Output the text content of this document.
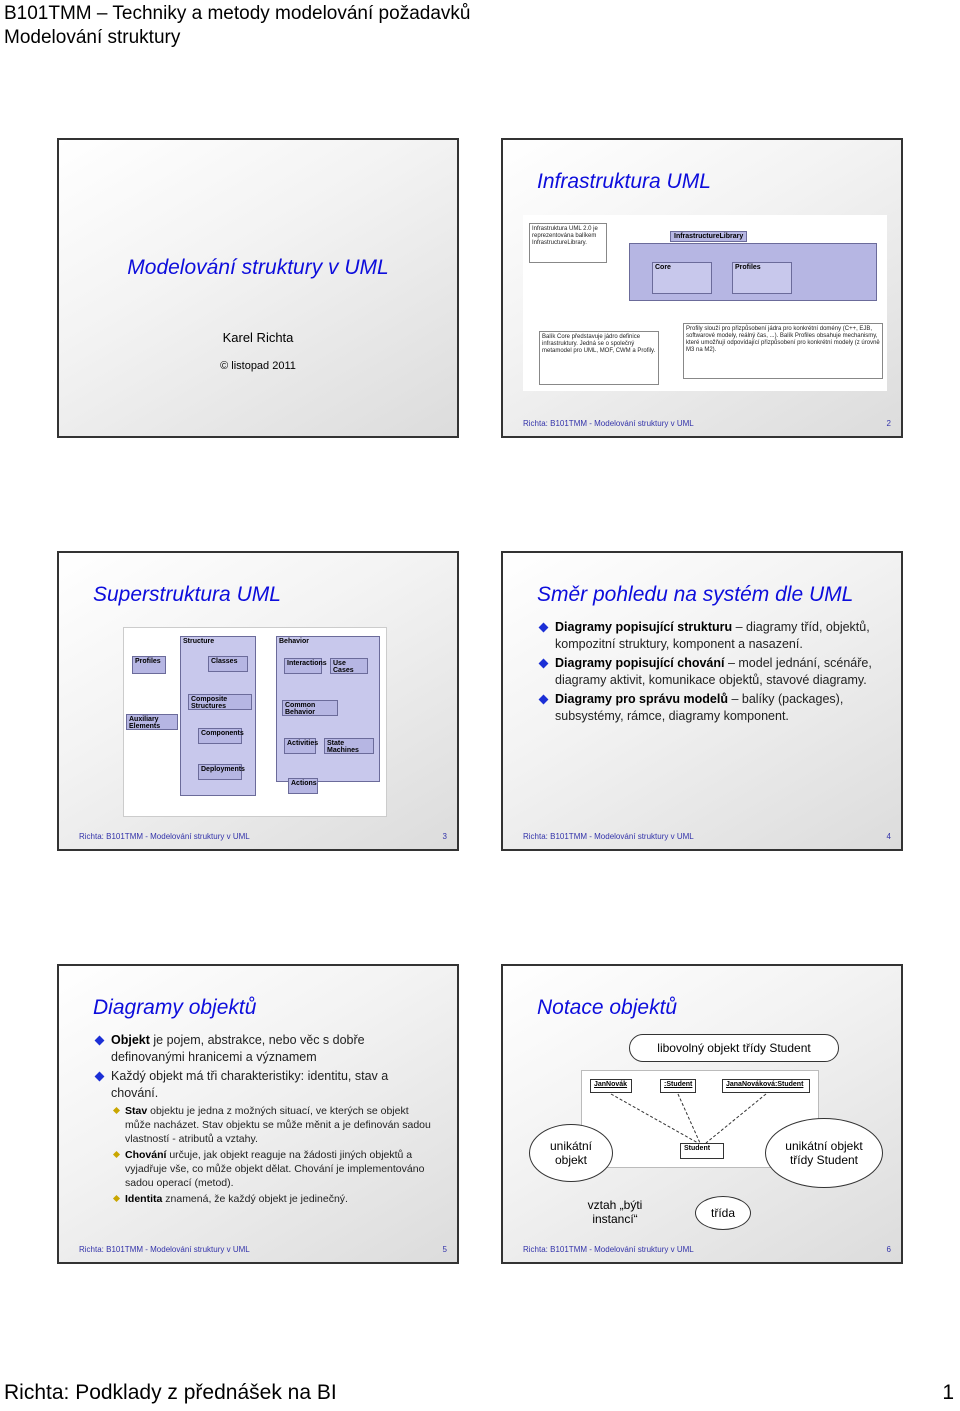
B101TMM – Techniky a metody modelování požadavků
Modelování struktury
Modelování struktury v UML
Karel Richta
© listopad 2011
Infrastruktura UML
Infrastruktura UML 2.0 je reprezentována balíkem InfrastructureLibrary.
InfrastructureLibrary
Core	Profiles
Balík Core představuje jádro definice infrastruktury. Jedná se o společný metamodel pro UML, MOF, CWM a Profily.
Profily slouží pro přizpůsobení jádra pro konkrétní domény (C++, EJB, softwarové modely, reálný čas, ...). Balík Profiles obsahuje mechanismy, které umožňují odpovídající přizpůsobení pro konkrétní modely (z úrovně M3 na M2).
Richta: B101TMM - Modelování struktury v UML	2
Superstruktura UML
Structure	Behavior
Profiles	Classes
Composite Structures
Auxiliary Elements
Components
Deployments
Interactions Use Cases
Common Behavior
Activities	State Machines
Actions
Richta: B101TMM - Modelování struktury v UML	3
Směr pohledu na systém dle UML
Diagramy popisující strukturu – diagramy tříd, objektů, kompozitní struktury, komponent a nasazení.
Diagramy popisující chování – model jednání, scénáře, diagramy aktivit, komunikace objektů, stavové diagramy.
Diagramy pro správu modelů – balíky (packages), subsystémy, rámce, diagramy komponent.
Richta: B101TMM - Modelování struktury v UML	4
Diagramy objektů
Objekt je pojem, abstrakce, nebo věc s dobře definovanými hranicemi a významem
Každý objekt má tři charakteristiky: identitu, stav a chování.
Stav objektu je jedna z možných situací, ve kterých se objekt může nacházet. Stav objektu se může měnit a je definován sadou vlastností - atributů a vztahy.
Chování určuje, jak objekt reaguje na žádosti jiných objektů a vyjadřuje vše, co může objekt dělat. Chování je implementováno sadou operací (metod).
Identita znamená, že každý objekt je jedinečný.
Richta: B101TMM - Modelování struktury v UML	5
Notace objektů
libovolný objekt třídy Student
JanNovák	:Student	JanaNováková:Student
Student
unikátní objekt
unikátní objekt třídy Student
vztah „býti instancí“	třída
Richta: B101TMM - Modelování struktury v UML	6
Richta: Podklady z přednášek na BI	1
